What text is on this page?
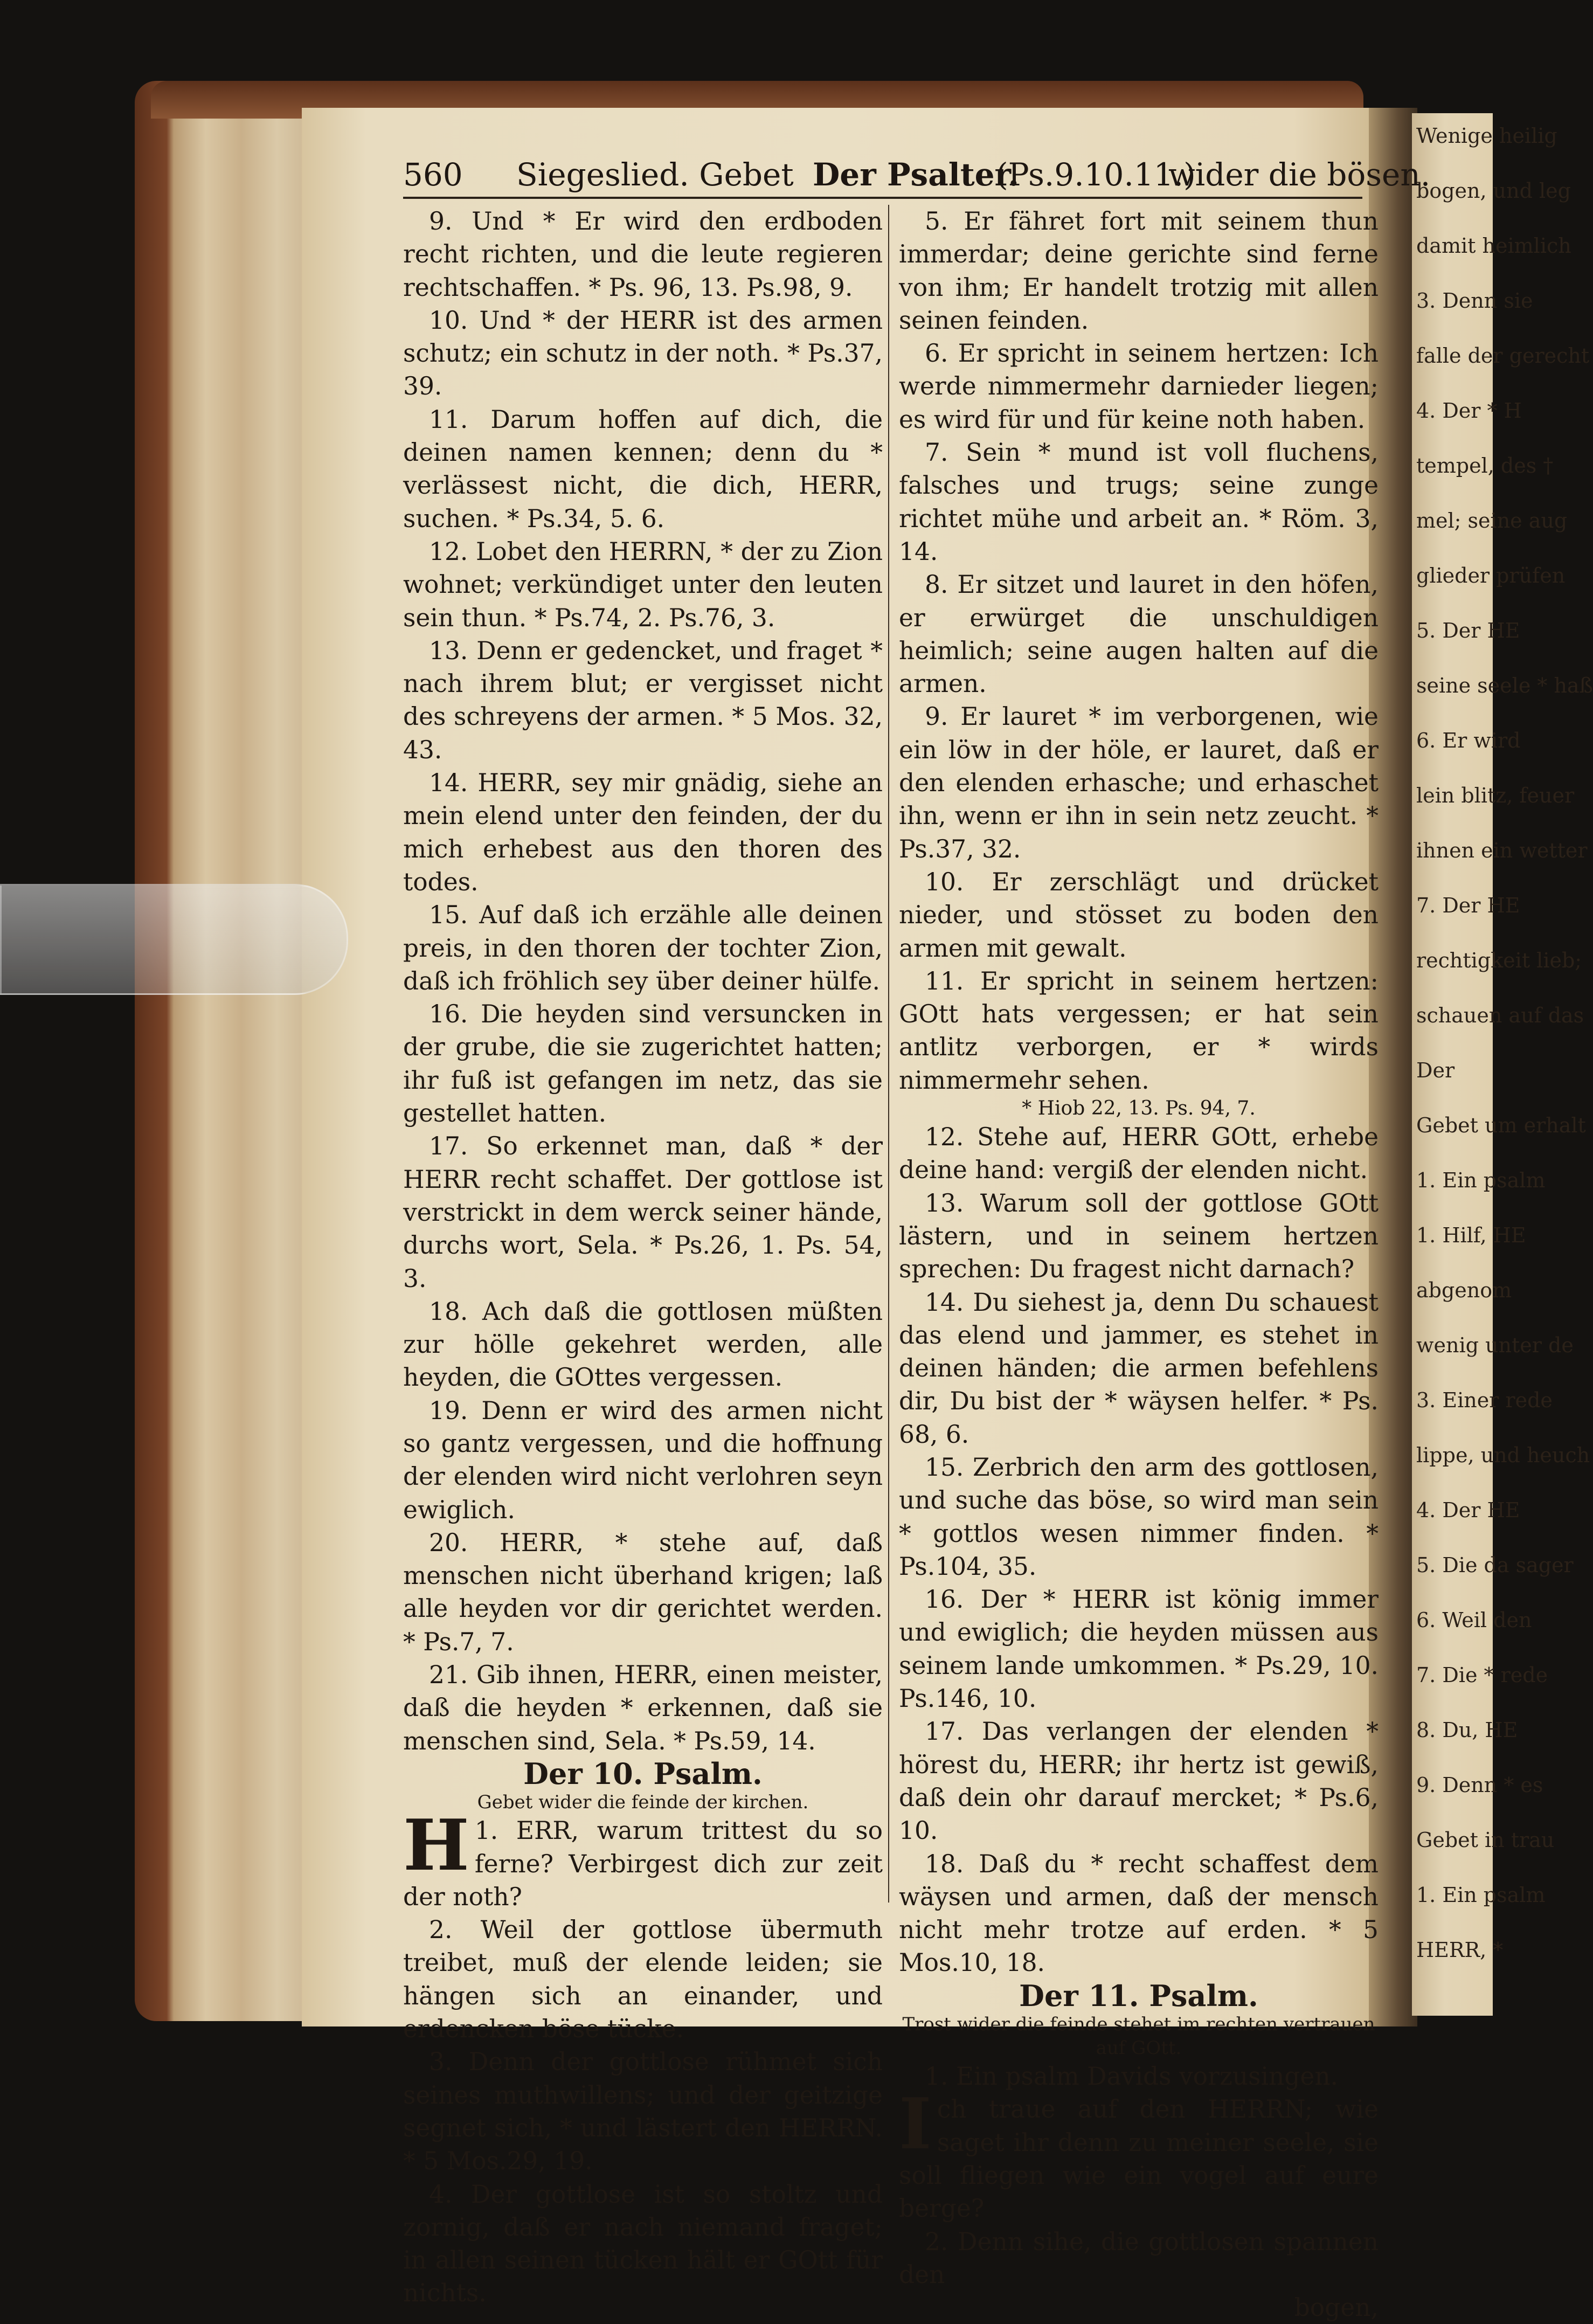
Wenige heilig
bogen, und leg
damit heimlich
3. Denn sie
falle der gerecht
4. Der * H
tempel, des †
mel; seine aug
glieder prüfen
5. Der HE
seine seele * haß
6. Er wird
lein blitz, feuer
ihnen ein wetter
7. Der HE
rechtigkeit lieb;
schauen auf das
Der
Gebet um erhalt
1. Ein psalm
1. Hilf, HE
abgenom
wenig unter de
3. Einer rede
lippe, und heuch
4. Der HE
5. Die da sager
6. Weil den
7. Die * rede
8. Du, HE
9. Denn * es
Gebet in trau
1. Ein psalm
HERR, *
560 Siegeslied. Gebet Der Psalter.
(Ps.9.10.11.)
wider die bösen.

9. Und * Er wird den erdboden recht richten, und die leute regieren rechtschaffen. * Ps. 96, 13. Ps.98, 9.

10. Und * der HERR ist des armen schutz; ein schutz in der noth. * Ps.37, 39.

11. Darum hoffen auf dich, die deinen namen kennen; denn du * verlässest nicht, die dich, HERR, suchen. * Ps.34, 5. 6.

12. Lobet den HERRN, * der zu Zion wohnet; verkündiget unter den leuten sein thun. * Ps.74, 2. Ps.76, 3.

13. Denn er gedencket, und fraget * nach ihrem blut; er vergisset nicht des schreyens der armen. * 5 Mos. 32, 43.

14. HERR, sey mir gnädig, siehe an mein elend unter den feinden, der du mich erhebest aus den thoren des todes.

15. Auf daß ich erzähle alle deinen preis, in den thoren der tochter Zion, daß ich fröhlich sey über deiner hülfe.

16. Die heyden sind versuncken in der grube, die sie zugerichtet hatten; ihr fuß ist gefangen im netz, das sie gestellet hatten.

17. So erkennet man, daß * der HERR recht schaffet. Der gottlose ist verstrickt in dem werck seiner hände, durchs wort, Sela. * Ps.26, 1. Ps. 54, 3.

18. Ach daß die gottlosen müßten zur hölle gekehret werden, alle heyden, die GOttes vergessen.

19. Denn er wird des armen nicht so gantz vergessen, und die hoffnung der elenden wird nicht verlohren seyn ewiglich.

20. HERR, * stehe auf, daß menschen nicht überhand krigen; laß alle heyden vor dir gerichtet werden. * Ps.7, 7.

21. Gib ihnen, HERR, einen meister, daß die heyden * erkennen, daß sie menschen sind, Sela. * Ps.59, 14.

Der 10. Psalm.

Gebet wider die feinde der kirchen.

H 1. ERR, warum trittest du so ferne? Verbirgest dich zur zeit der noth?

2. Weil der gottlose übermuth treibet, muß der elende leiden; sie hängen sich an einander, und erdencken böse tücke.

3. Denn der gottlose rühmet sich seines muthwillens; und der geitzige segnet sich, * und lästert den HERRN. * 5 Mos.29, 19.

4. Der gottlose ist so stoltz und zornig, daß er nach niemand fraget; in allen seinen tücken hält er GOtt für nichts.

5. Er fähret fort mit seinem thun immerdar; deine gerichte sind ferne von ihm; Er handelt trotzig mit allen seinen feinden.

6. Er spricht in seinem hertzen: Ich werde nimmermehr darnieder liegen; es wird für und für keine noth haben.

7. Sein * mund ist voll fluchens, falsches und trugs; seine zunge richtet mühe und arbeit an. * Röm. 3, 14.

8. Er sitzet und lauret in den höfen, er erwürget die unschuldigen heimlich; seine augen halten auf die armen.

9. Er lauret * im verborgenen, wie ein löw in der höle, er lauret, daß er den elenden erhasche; und erhaschet ihn, wenn er ihn in sein netz zeucht. * Ps.37, 32.

10. Er zerschlägt und drücket nieder, und stösset zu boden den armen mit gewalt.

11. Er spricht in seinem hertzen: GOtt hats vergessen; er hat sein antlitz verborgen, er * wirds nimmermehr sehen.

* Hiob 22, 13. Ps. 94, 7.

12. Stehe auf, HERR GOtt, erhebe deine hand: vergiß der elenden nicht.

13. Warum soll der gottlose GOtt lästern, und in seinem hertzen sprechen: Du fragest nicht darnach?

14. Du siehest ja, denn Du schauest das elend und jammer, es stehet in deinen händen; die armen befehlens dir, Du bist der * wäysen helfer. * Ps. 68, 6.

15. Zerbrich den arm des gottlosen, und suche das böse, so wird man sein * gottlos wesen nimmer finden. * Ps.104, 35.

16. Der * HERR ist könig immer und ewiglich; die heyden müssen aus seinem lande umkommen. * Ps.29, 10. Ps.146, 10.

17. Das verlangen der elenden * hörest du, HERR; ihr hertz ist gewiß, daß dein ohr darauf mercket; * Ps.6, 10.

18. Daß du * recht schaffest dem wäysen und armen, daß der mensch nicht mehr trotze auf erden. * 5 Mos.10, 18.

Der 11. Psalm.

Trost wider die feinde stehet im rechten vertrauen auf GOtt.

1. Ein psalm Davids vorzusingen.

Ich traue auf den HERRN; wie saget ihr denn zu meiner seele, sie soll fliegen wie ein vogel auf eure berge?

2. Denn sihe, die gottlosen spannen den

bogen,
